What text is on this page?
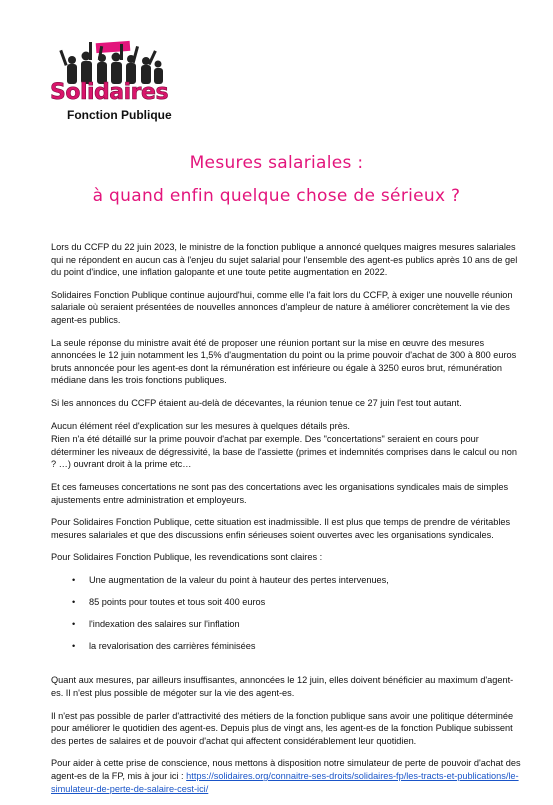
Solidaires
Fonction Publique
Mesures salariales :
à quand enfin quelque chose de sérieux ?

Lors du CCFP du 22 juin 2023, le ministre de la fonction publique a annoncé quelques maigres mesures salariales qui ne répondent en aucun cas à l'enjeu du sujet salarial pour l'ensemble des agent-es publics après 10 ans de gel du point d'indice, une inflation galopante et une toute petite augmentation en 2022.

Solidaires Fonction Publique continue aujourd'hui, comme elle l'a fait lors du CCFP, à exiger une nouvelle réunion salariale où seraient présentées de nouvelles annonces d'ampleur de nature à améliorer concrètement la vie des agent-es publics.

La seule réponse du ministre avait été de proposer une réunion portant sur la mise en œuvre des mesures annoncées le 12 juin notamment les 1,5% d'augmentation du point ou la prime pouvoir d'achat de 300 à 800 euros bruts annoncée pour les agent-es dont la rémunération est inférieure ou égale à 3250 euros brut, rémunération médiane dans les trois fonctions publiques.

Si les annonces du CCFP étaient au-delà de décevantes, la réunion tenue ce 27 juin l'est tout autant.

Aucun élément réel d'explication sur les mesures à quelques détails près.

Rien n'a été détaillé sur la prime pouvoir d'achat par exemple. Des "concertations" seraient en cours pour déterminer les niveaux de dégressivité, la base de l'assiette (primes et indemnités comprises dans le calcul ou non ? …) ouvrant droit à la prime etc…

Et ces fameuses concertations ne sont pas des concertations avec les organisations syndicales mais de simples ajustements entre administration et employeurs.

Pour Solidaires Fonction Publique, cette situation est inadmissible. Il est plus que temps de prendre de véritables mesures salariales et que des discussions enfin sérieuses soient ouvertes avec les organisations syndicales.

Pour Solidaires Fonction Publique, les revendications sont claires :

• Une augmentation de la valeur du point à hauteur des pertes intervenues,
• 85 points pour toutes et tous soit 400 euros
• l'indexation des salaires sur l'inflation
• la revalorisation des carrières féminisées

Quant aux mesures, par ailleurs insuffisantes, annoncées le 12 juin, elles doivent bénéficier au maximum d'agent-es. Il n'est plus possible de mégoter sur la vie des agent-es.

Il n'est pas possible de parler d'attractivité des métiers de la fonction publique sans avoir une politique déterminée pour améliorer le quotidien des agent-es. Depuis plus de vingt ans, les agent-es de la fonction Publique subissent des pertes de salaires et de pouvoir d'achat qui affectent considérablement leur quotidien.

Pour aider à cette prise de conscience, nous mettons à disposition notre simulateur de perte de pouvoir d'achat des agent-es de la FP, mis à jour ici : https://solidaires.org/connaitre-ses-droits/solidaires-fp/les-tracts-et-publications/le-simulateur-de-perte-de-salaire-cest-ici/
